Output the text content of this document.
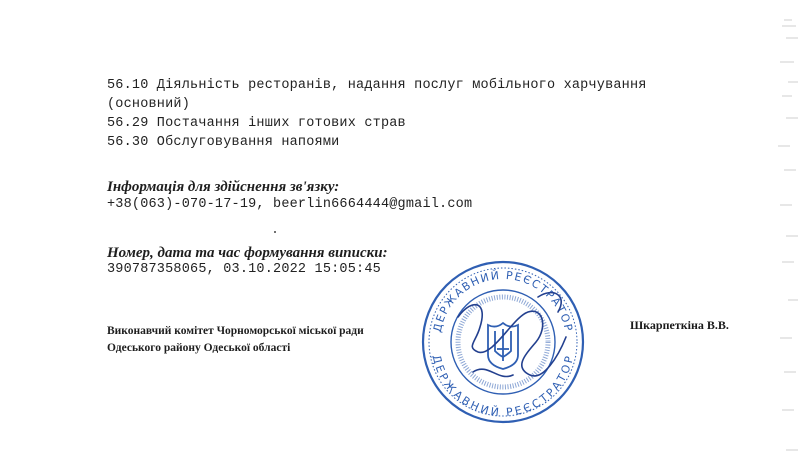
56.10 Діяльність ресторанів, надання послуг мобільного харчування
(основний)
56.29 Постачання інших готових страв
56.30 Обслуговування напоями
Інформація для здійснення зв'язку:
+38(063)-070-17-19, beerlin6664444@gmail.com
Номер, дата та час формування виписки:
390787358065, 03.10.2022 15:05:45
Виконавчий комітет Чорноморської міської ради
Одеського району Одеської області
Шкарпеткіна В.В.
ДЕРЖАВНИЙ РЕЄСТРАТОР
ДЕРЖАВНИЙ РЕЄСТРАТОР
